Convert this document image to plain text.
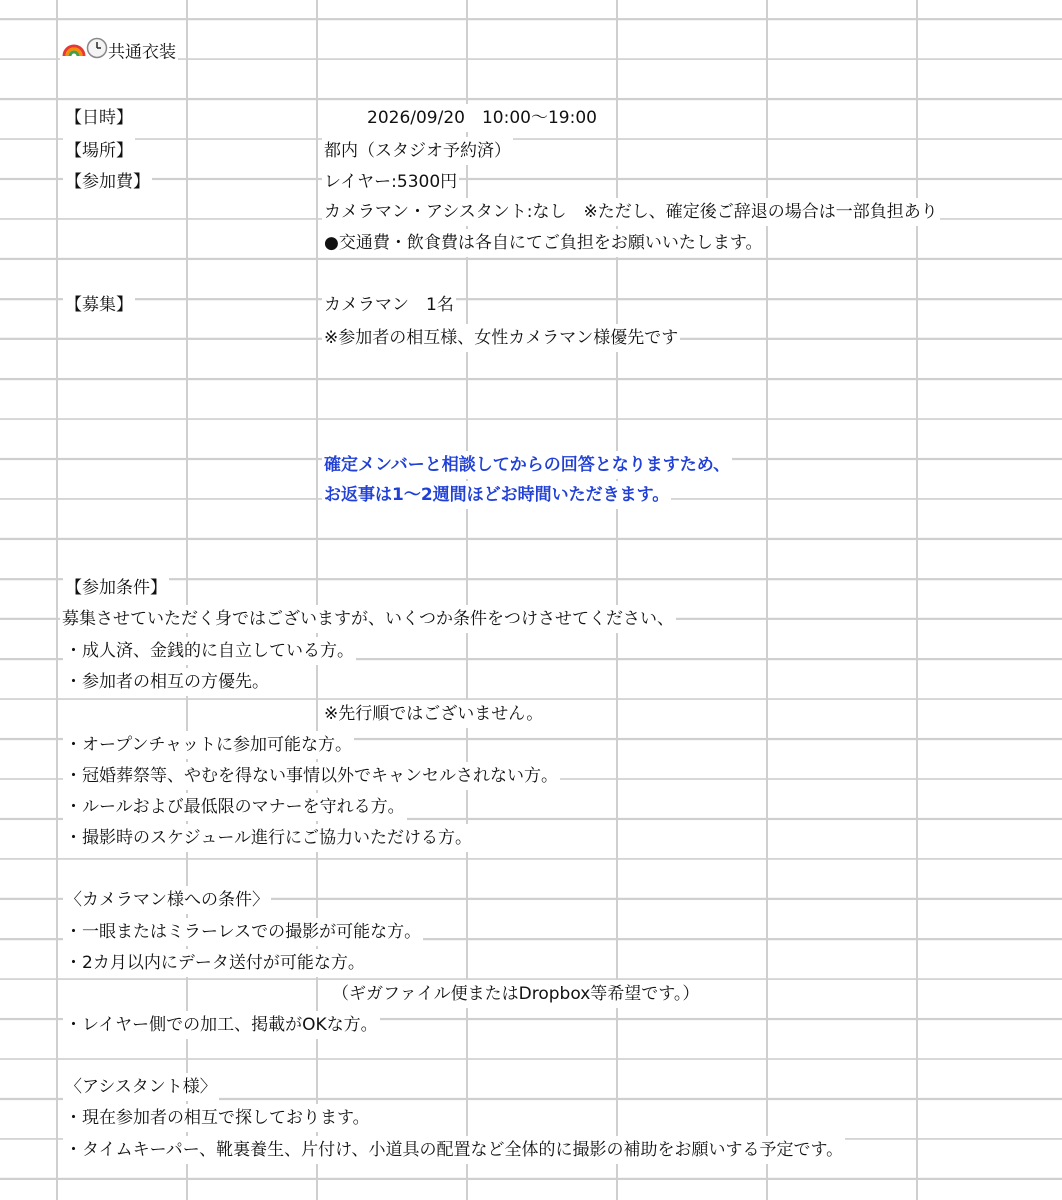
共通衣装
【日時】	2026/09/20　10:00〜19:00
【場所】	都内（スタジオ予約済）
【参加費】	レイヤー:5300円
カメラマン・アシスタント:なし　※ただし、確定後ご辞退の場合は一部負担あり
●交通費・飲食費は各自にてご負担をお願いいたします。
【募集】	カメラマン　1名
※参加者の相互様、女性カメラマン様優先です
確定メンバーと相談してからの回答となりますため、
お返事は1〜2週間ほどお時間いただきます。
【参加条件】
募集させていただく身ではございますが、いくつか条件をつけさせてください、
・成人済、金銭的に自立している方。
・参加者の相互の方優先。
※先行順ではございません。
・オープンチャットに参加可能な方。
・冠婚葬祭等、やむを得ない事情以外でキャンセルされない方。
・ルールおよび最低限のマナーを守れる方。
・撮影時のスケジュール進行にご協力いただける方。
〈カメラマン様への条件〉
・一眼またはミラーレスでの撮影が可能な方。
・2カ月以内にデータ送付が可能な方。
（ギガファイル便またはDropbox等希望です。）
・レイヤー側での加工、掲載がOKな方。
〈アシスタント様〉
・現在参加者の相互で探しております。
・タイムキーパー、靴裏養生、片付け、小道具の配置など全体的に撮影の補助をお願いする予定です。
